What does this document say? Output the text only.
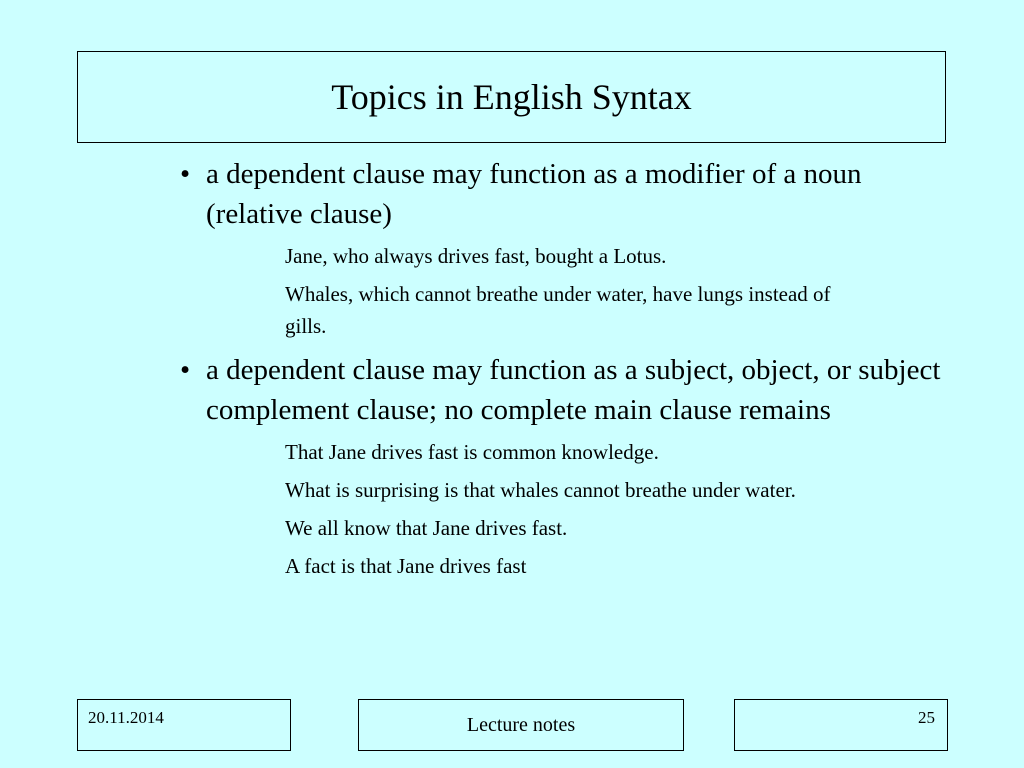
Topics in English Syntax
• a dependent clause may function as a modifier of a noun (relative clause)

Jane, who always drives fast, bought a Lotus.

Whales, which cannot breathe under water, have lungs instead of gills.

• a dependent clause may function as a subject, object, or subject complement clause; no complete main clause remains

That Jane drives fast is common knowledge.

What is surprising is that whales cannot breathe under water.

We all know that Jane drives fast.

A fact is that Jane drives fast

20.11.2014	Lecture notes	25
